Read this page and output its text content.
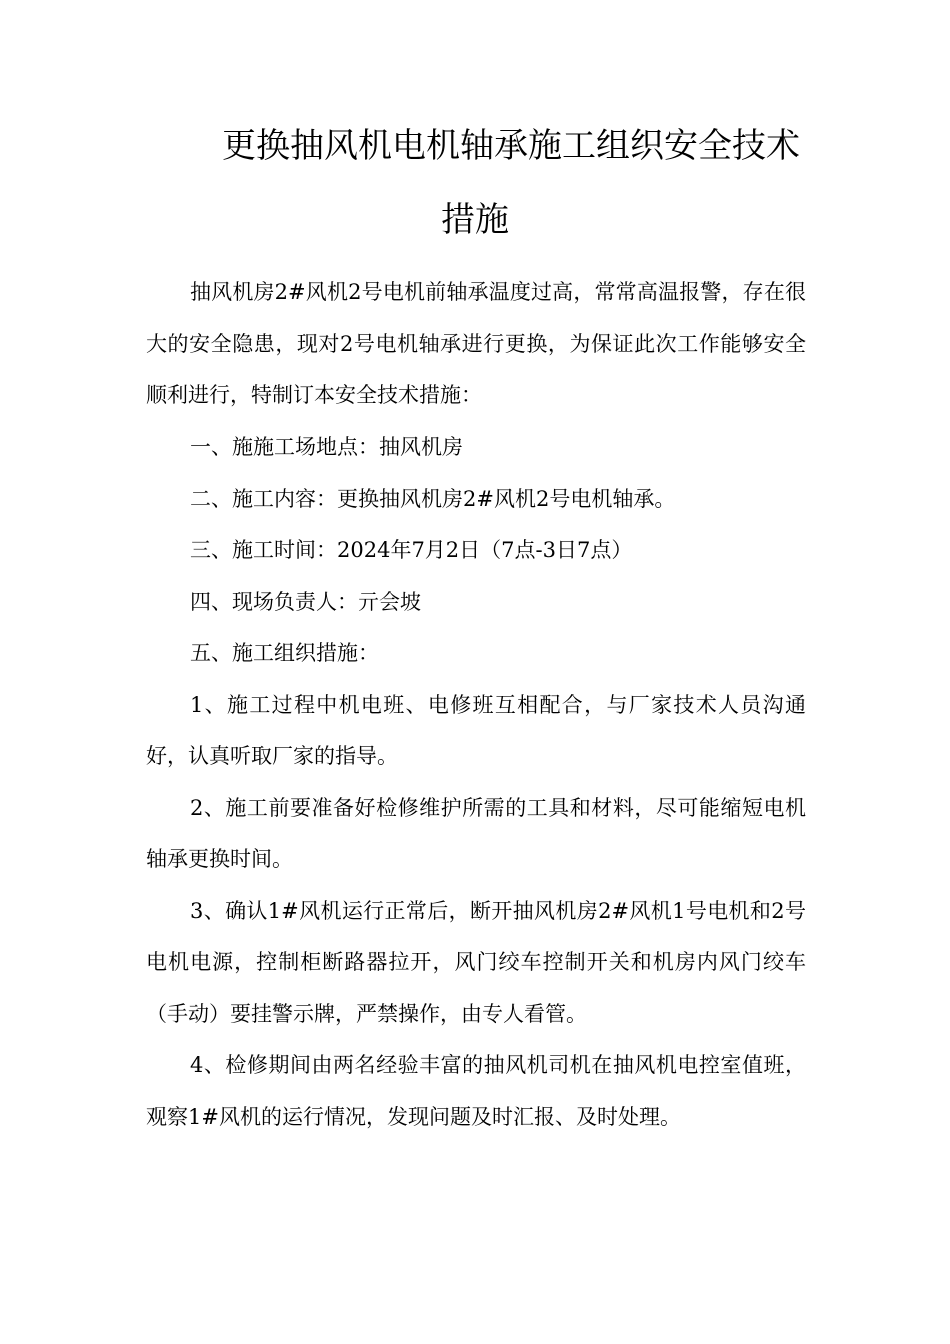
更换抽风机电机轴承施工组织安全技术
措施

抽风机房2#风机2号电机前轴承温度过高，常常高温报警，存在很大的安全隐患，现对2号电机轴承进行更换，为保证此次工作能够安全顺利进行，特制订本安全技术措施：

一、施施工场地点：抽风机房

二、施工内容：更换抽风机房2#风机2号电机轴承。

三、施工时间：2024年7月2日（7点-3日7点）

四、现场负责人：亓会坡

五、施工组织措施：

1、施工过程中机电班、电修班互相配合，与厂家技术人员沟通好，认真听取厂家的指导。

2、施工前要准备好检修维护所需的工具和材料，尽可能缩短电机轴承更换时间。

3、确认1#风机运行正常后，断开抽风机房2#风机1号电机和2号电机电源，控制柜断路器拉开，风门绞车控制开关和机房内风门绞车（手动）要挂警示牌，严禁操作，由专人看管。

4、检修期间由两名经验丰富的抽风机司机在抽风机电控室值班，观察1#风机的运行情况，发现问题及时汇报、及时处理。
